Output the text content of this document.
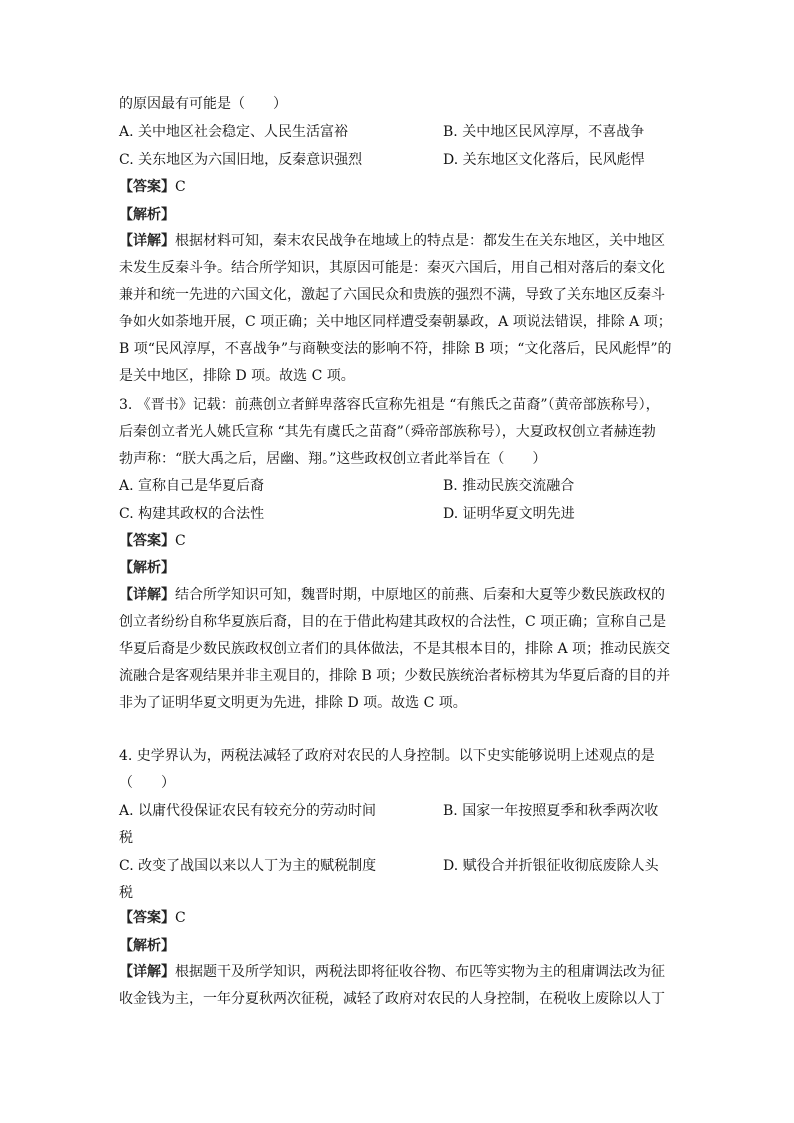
的原因最有可能是（　　）
A. 关中地区社会稳定、人民生活富裕	B. 关中地区民风淳厚，不喜战争
C. 关东地区为六国旧地，反秦意识强烈	D. 关东地区文化落后，民风彪悍
【答案】C
【解析】
【详解】根据材料可知，秦末农民战争在地域上的特点是：都发生在关东地区，关中地区
未发生反秦斗争。结合所学知识，其原因可能是：秦灭六国后，用自己相对落后的秦文化
兼并和统一先进的六国文化，激起了六国民众和贵族的强烈不满，导致了关东地区反秦斗
争如火如荼地开展，C 项正确；关中地区同样遭受秦朝暴政，A 项说法错误，排除 A 项；
B 项“民风淳厚，不喜战争”与商鞅变法的影响不符，排除 B 项；“文化落后，民风彪悍”的
是关中地区，排除 D 项。故选 C 项。
3. 《晋书》记载：前燕创立者鲜卑落容氏宣称先祖是 “有熊氏之苗裔”（黄帝部族称号），
后秦创立者光人姚氏宣称 “其先有虞氏之苗裔”（舜帝部族称号），大夏政权创立者赫连勃
勃声称：“朕大禹之后，居幽、翔。”这些政权创立者此举旨在（　　）
A. 宣称自己是华夏后裔	B. 推动民族交流融合
C. 构建其政权的合法性	D. 证明华夏文明先进
【答案】C
【解析】
【详解】结合所学知识可知，魏晋时期，中原地区的前燕、后秦和大夏等少数民族政权的
创立者纷纷自称华夏族后裔，目的在于借此构建其政权的合法性，C 项正确；宣称自己是
华夏后裔是少数民族政权创立者们的具体做法，不是其根本目的，排除 A 项；推动民族交
流融合是客观结果并非主观目的，排除 B 项；少数民族统治者标榜其为华夏后裔的目的并
非为了证明华夏文明更为先进，排除 D 项。故选 C 项。
4. 史学界认为，两税法减轻了政府对农民的人身控制。以下史实能够说明上述观点的是
（　　）
A. 以庸代役保证农民有较充分的劳动时间	B. 国家一年按照夏季和秋季两次收
税
C. 改变了战国以来以人丁为主的赋税制度	D. 赋役合并折银征收彻底废除人头
税
【答案】C
【解析】
【详解】根据题干及所学知识，两税法即将征收谷物、布匹等实物为主的租庸调法改为征
收金钱为主，一年分夏秋两次征税，减轻了政府对农民的人身控制，在税收上废除以人丁
